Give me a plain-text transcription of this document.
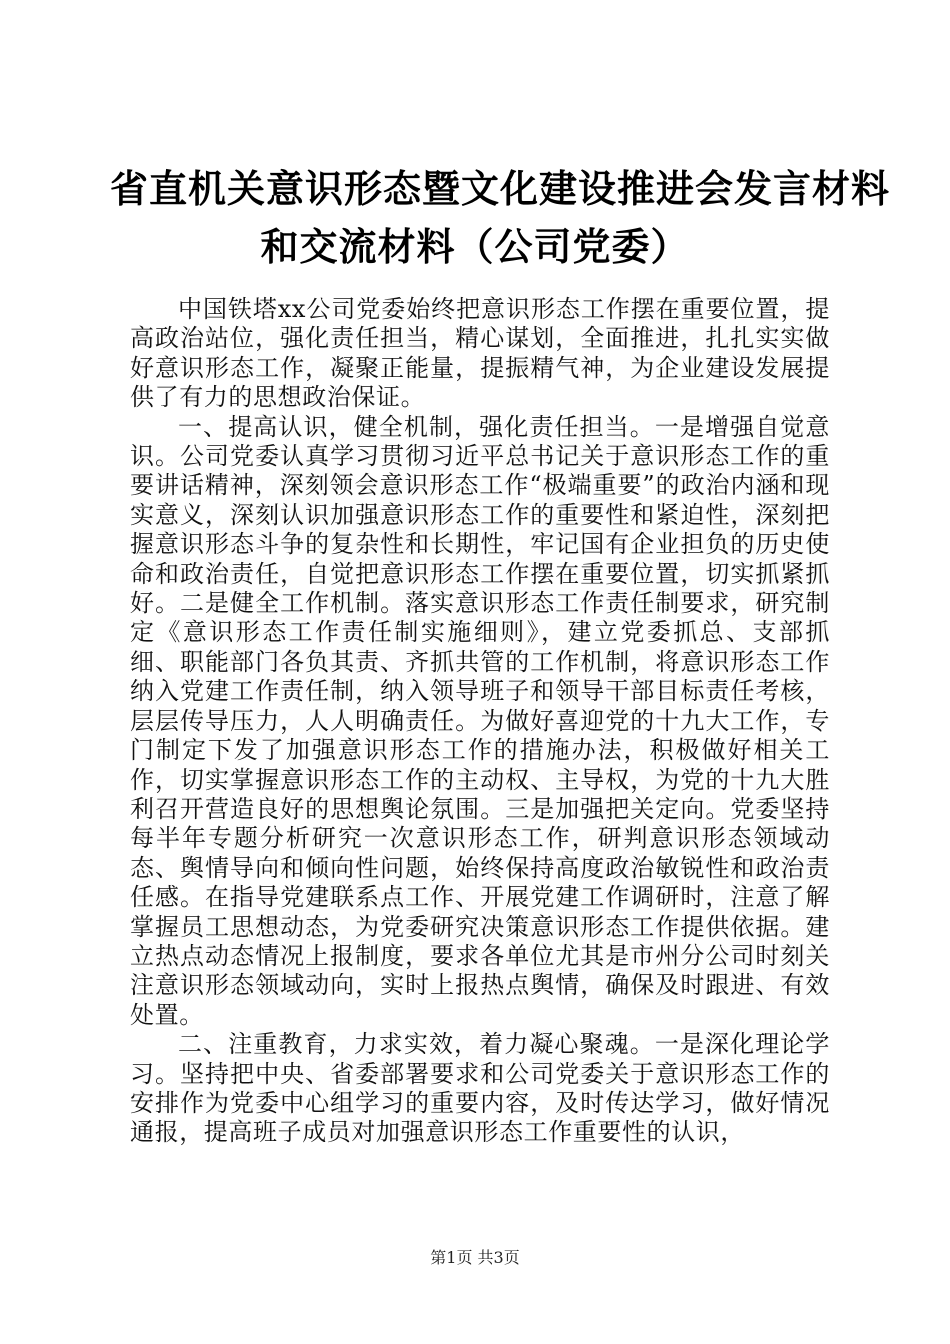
省直机关意识形态暨文化建设推进会发言材料
和交流材料（公司党委）

中国铁塔xx公司党委始终把意识形态工作摆在重要位置，提高政治站位，强化责任担当，精心谋划，全面推进，扎扎实实做好意识形态工作，凝聚正能量，提振精气神，为企业建设发展提供了有力的思想政治保证。

一、提高认识，健全机制，强化责任担当。一是增强自觉意识。公司党委认真学习贯彻习近平总书记关于意识形态工作的重要讲话精神，深刻领会意识形态工作“极端重要”的政治内涵和现实意义，深刻认识加强意识形态工作的重要性和紧迫性，深刻把握意识形态斗争的复杂性和长期性，牢记国有企业担负的历史使命和政治责任，自觉把意识形态工作摆在重要位置，切实抓紧抓好。二是健全工作机制。落实意识形态工作责任制要求，研究制定《意识形态工作责任制实施细则》，建立党委抓总、支部抓细、职能部门各负其责、齐抓共管的工作机制，将意识形态工作纳入党建工作责任制，纳入领导班子和领导干部目标责任考核，层层传导压力，人人明确责任。为做好喜迎党的十九大工作，专门制定下发了加强意识形态工作的措施办法，积极做好相关工作，切实掌握意识形态工作的主动权、主导权，为党的十九大胜利召开营造良好的思想舆论氛围。三是加强把关定向。党委坚持每半年专题分析研究一次意识形态工作，研判意识形态领域动态、舆情导向和倾向性问题，始终保持高度政治敏锐性和政治责任感。在指导党建联系点工作、开展党建工作调研时，注意了解掌握员工思想动态，为党委研究决策意识形态工作提供依据。建立热点动态情况上报制度，要求各单位尤其是市州分公司时刻关注意识形态领域动向，实时上报热点舆情，确保及时跟进、有效处置。

二、注重教育，力求实效，着力凝心聚魂。一是深化理论学习。坚持把中央、省委部署要求和公司党委关于意识形态工作的安排作为党委中心组学习的重要内容，及时传达学习，做好情况通报，提高班子成员对加强意识形态工作重要性的认识，

第1页 共3页
